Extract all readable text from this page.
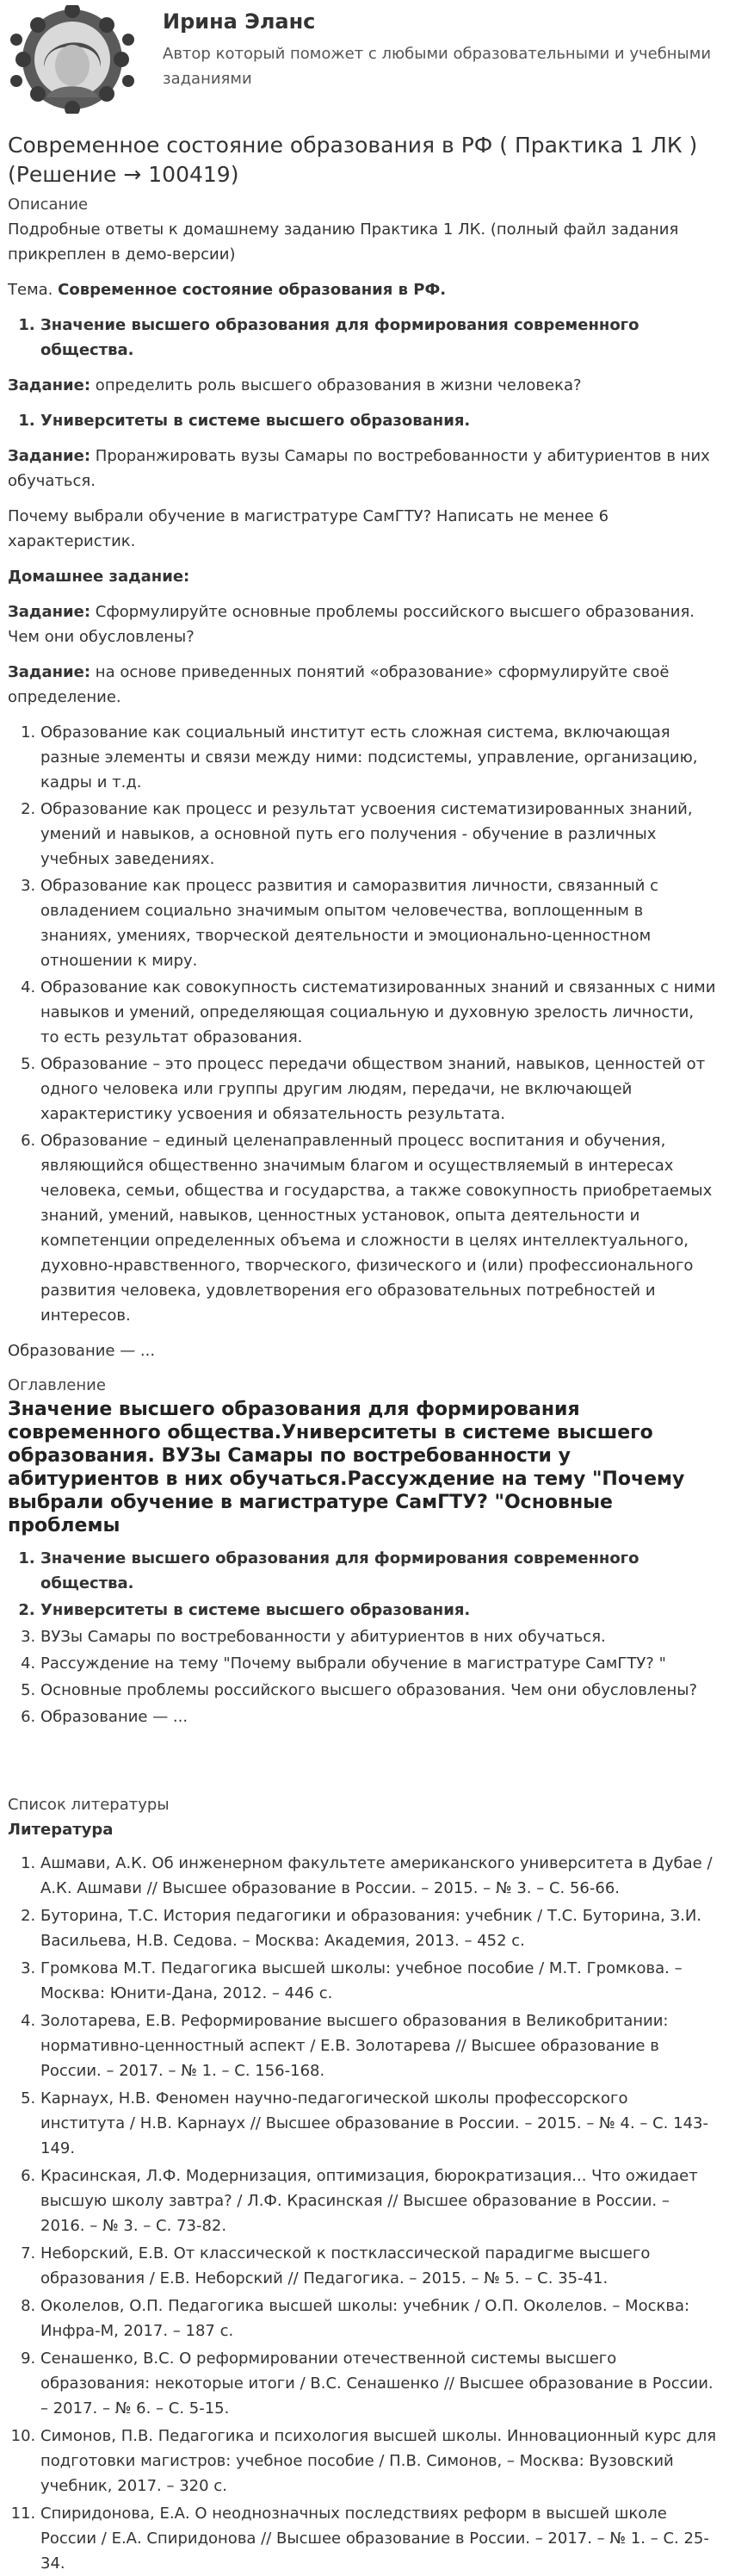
Ирина Эланс
Автор который поможет с любыми образовательными и учебными заданиями
Современное состояние образования в РФ ( Практика 1 ЛК ) (Решение → 100419)
Описание

Подробные ответы к домашнему заданию Практика 1 ЛК. (полный файл задания прикреплен в демо-версии)

Тема. Современное состояние образования в РФ.

1. Значение высшего образования для формирования современного общества.

Задание: определить роль высшего образования в жизни человека?

1. Университеты в системе высшего образования.

Задание: Проранжировать вузы Самары по востребованности у абитуриентов в них обучаться.

Почему выбрали обучение в магистратуре СамГТУ? Написать не менее 6 характеристик.

Домашнее задание:

Задание: Сформулируйте основные проблемы российского высшего образования. Чем они обусловлены?

Задание: на основе приведенных понятий «образование» сформулируйте своё определение.

1. Образование как социальный институт есть сложная система, включающая разные элементы и связи между ними: подсистемы, управление, организацию, кадры и т.д.
2. Образование как процесс и результат усвоения систематизированных знаний, умений и навыков, а основной путь его получения - обучение в различных учебных заведениях.
3. Образование как процесс развития и саморазвития личности, связанный с овладением социально значимым опытом человечества, воплощенным в знаниях, умениях, творческой деятельности и эмоционально-ценностном отношении к миру.
4. Образование как совокупность систематизированных знаний и связанных с ними навыков и умений, определяющая социальную и духовную зрелость личности, то есть результат образования.
5. Образование – это процесс передачи обществом знаний, навыков, ценностей от одного человека или группы другим людям, передачи, не включающей характеристику усвоения и обязательность результата.
6. Образование – единый целенаправленный процесс воспитания и обучения, являющийся общественно значимым благом и осуществляемый в интересах человека, семьи, общества и государства, а также совокупность приобретаемых знаний, умений, навыков, ценностных установок, опыта деятельности и компетенции определенных объема и сложности в целях интеллектуального, духовно-нравственного, творческого, физического и (или) профессионального развития человека, удовлетворения его образовательных потребностей и интересов.

Образование — ...

Оглавление
Значение высшего образования для формирования современного общества.Университеты в системе высшего образования. ВУЗы Самары по востребованности у абитуриентов в них обучаться.Рассуждение на тему "Почему выбрали обучение в магистратуре СамГТУ? "Основные проблемы
1. Значение высшего образования для формирования современного общества.
2. Университеты в системе высшего образования.
3. ВУЗы Самары по востребованности у абитуриентов в них обучаться.
4. Рассуждение на тему "Почему выбрали обучение в магистратуре СамГТУ? "
5. Основные проблемы российского высшего образования. Чем они обусловлены?
6. Образование — ...
Список литературы
Литература
1. Ашмави, А.К. Об инженерном факультете американского университета в Дубае / А.К. Ашмави // Высшее образование в России. – 2015. – № 3. – С. 56-66.
2. Буторина, Т.С. История педагогики и образования: учебник / Т.С. Буторина, З.И. Васильева, Н.В. Седова. – Москва: Академия, 2013. – 452 с.
3. Громкова М.Т. Педагогика высшей школы: учебное пособие / М.Т. Громкова. – Москва: Юнити-Дана, 2012. – 446 с.
4. Золотарева, Е.В. Реформирование высшего образования в Великобритании: нормативно-ценностный аспект / Е.В. Золотарева // Высшее образование в России. – 2017. – № 1. – С. 156-168.
5. Карнаух, Н.В. Феномен научно-педагогической школы профессорского института / Н.В. Карнаух // Высшее образование в России. – 2015. – № 4. – С. 143-149.
6. Красинская, Л.Ф. Модернизация, оптимизация, бюрократизация... Что ожидает высшую школу завтра? / Л.Ф. Красинская // Высшее образование в России. – 2016. – № 3. – С. 73-82.
7. Неборский, Е.В. От классической к постклассической парадигме высшего образования / Е.В. Неборский // Педагогика. – 2015. – № 5. – С. 35-41.
8. Околелов, О.П. Педагогика высшей школы: учебник / О.П. Околелов. – Москва: Инфра-М, 2017. – 187 с.
9. Сенашенко, В.С. О реформировании отечественной системы высшего образования: некоторые итоги / В.С. Сенашенко // Высшее образование в России. – 2017. – № 6. – С. 5-15.
10. Симонов, П.В. Педагогика и психология высшей школы. Инновационный курс для подготовки магистров: учебное пособие / П.В. Симонов, – Москва: Вузовский учебник, 2017. – 320 с.
11. Спиридонова, Е.А. О неоднозначных последствиях реформ в высшей школе России / Е.А. Спиридонова // Высшее образование в России. – 2017. – № 1. – С. 25-34.
